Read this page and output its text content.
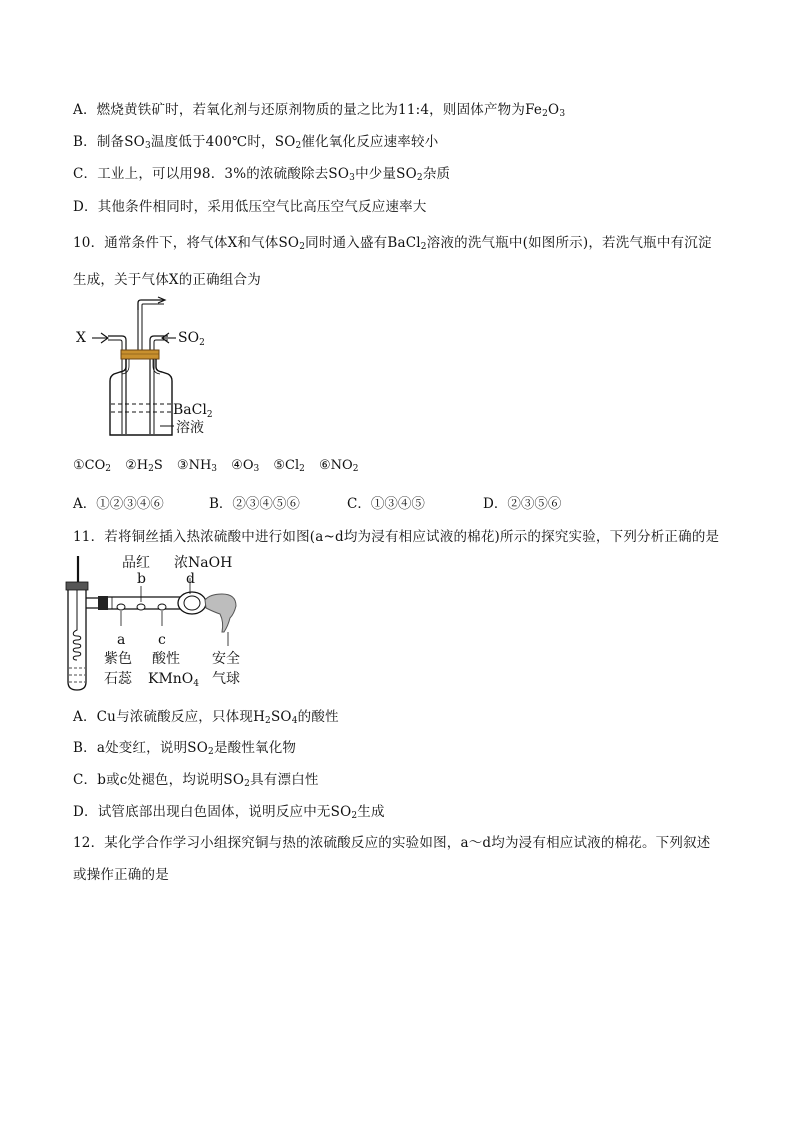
A．燃烧黄铁矿时，若氧化剂与还原剂物质的量之比为11:4，则固体产物为$Fe_2O_3$
B．制备$SO_3$温度低于400℃时，$SO_2$催化氧化反应速率较小
C．工业上，可以用98．3%的浓硫酸除去$SO_3$中少量$SO_2$杂质
D．其他条件相同时，采用低压空气比高压空气反应速率大
10．通常条件下，将气体X和气体$SO_2$同时通入盛有BaCl$_2$溶液的洗气瓶中(如图所示)，若洗气瓶中有沉淀
生成，关于气体X的正确组合为
X	$SO_2$
BaCl$_2$
溶液
$①CO_2$ $②H_2S$ $③NH_3$ $④O_3$ $⑤Cl_2$ $⑥NO_2$
A．①②③④⑥	B．②③④⑤⑥	C．①③④⑤	D．②③⑤⑥
11．若将铜丝插入热浓硫酸中进行如图(a~d均为浸有相应试液的棉花)所示的探究实验，下列分析正确的是
品红 浓NaOH
b	d
a c
紫色
石蕊
酸性
KMnO$_4$
安全
气球
A．Cu与浓硫酸反应，只体现$H_2SO_4$的酸性
B．a处变红，说明$SO_2$是酸性氧化物
C．b或c处褪色，均说明$SO_2$具有漂白性
D．试管底部出现白色固体，说明反应中无$SO_2$生成
12．某化学合作学习小组探究铜与热的浓硫酸反应的实验如图，a～d均为浸有相应试液的棉花。下列叙述
或操作正确的是
